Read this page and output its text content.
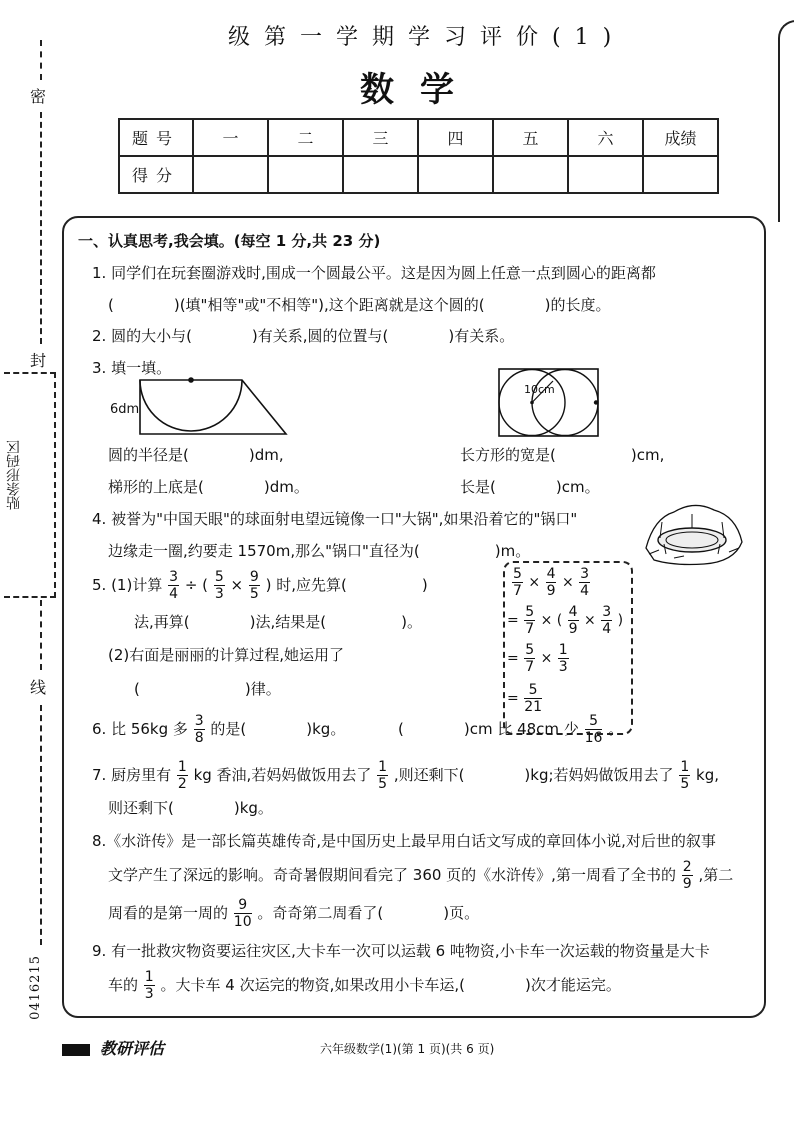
密
封
贴条形码区
线
0416215
级第一学期学习评价(1)
数学
题号	一	二	三	四	五	六	成绩
得分							
一、认真思考,我会填。(每空 1 分,共 23 分)
1. 同学们在玩套圈游戏时,围成一个圆最公平。这是因为圆上任意一点到圆心的距离都
(　　　　)(填"相等"或"不相等"),这个距离就是这个圆的(　　　　)的长度。
2. 圆的大小与(　　　　)有关系,圆的位置与(　　　　)有关系。
3. 填一填。
6dm
10cm
圆的半径是(　　　　)dm,
梯形的上底是(　　　　)dm。
长方形的宽是(　　　　　)cm,
长是(　　　　)cm。
4. 被誉为"中国天眼"的球面射电望远镜像一口"大锅",如果沿着它的"锅口"
边缘走一圈,约要走 1570m,那么"锅口"直径为(　　　　　)m。
5. (1)计算 $\frac{3}{4}$ ÷ ( $\frac{5}{3} \times \frac{9}{5}$ ) 时,应先算(　　　　　)
法,再算(　　　　)法,结果是(　　　　　)。
(2)右面是丽丽的计算过程,她运用了
(　　　　　　　)律。
$\frac{5}{7} \times \frac{4}{9} \times \frac{3}{4}$
= $\frac{5}{7}$ × ( $\frac{4}{9} \times \frac{3}{4}$ )
= $\frac{5}{7} \times \frac{1}{3}$
= $\frac{5}{21}$
6. 比 56kg 多 $\frac{3}{8}$ 的是(　　　　)kg。	(　　　　)cm 比 48cm 少 $\frac{5}{16}$ 。
7. 厨房里有 $\frac{1}{2}$ kg 香油,若妈妈做饭用去了 $\frac{1}{5}$ ,则还剩下(　　　　)kg;若妈妈做饭用去了 $\frac{1}{5}$ kg,
则还剩下(　　　　)kg。
8.《水浒传》是一部长篇英雄传奇,是中国历史上最早用白话文写成的章回体小说,对后世的叙事
文学产生了深远的影响。奇奇暑假期间看完了 360 页的《水浒传》,第一周看了全书的 $\frac{2}{9}$ ,第二
周看的是第一周的 $\frac{9}{10}$ 。奇奇第二周看了(　　　　)页。
9. 有一批救灾物资要运往灾区,大卡车一次可以运载 6 吨物资,小卡车一次运载的物资量是大卡
车的 $\frac{1}{3}$ 。大卡车 4 次运完的物资,如果改用小卡车运,(　　　　)次才能运完。
教研评估	六年级数学(1)(第 1 页)(共 6 页)
